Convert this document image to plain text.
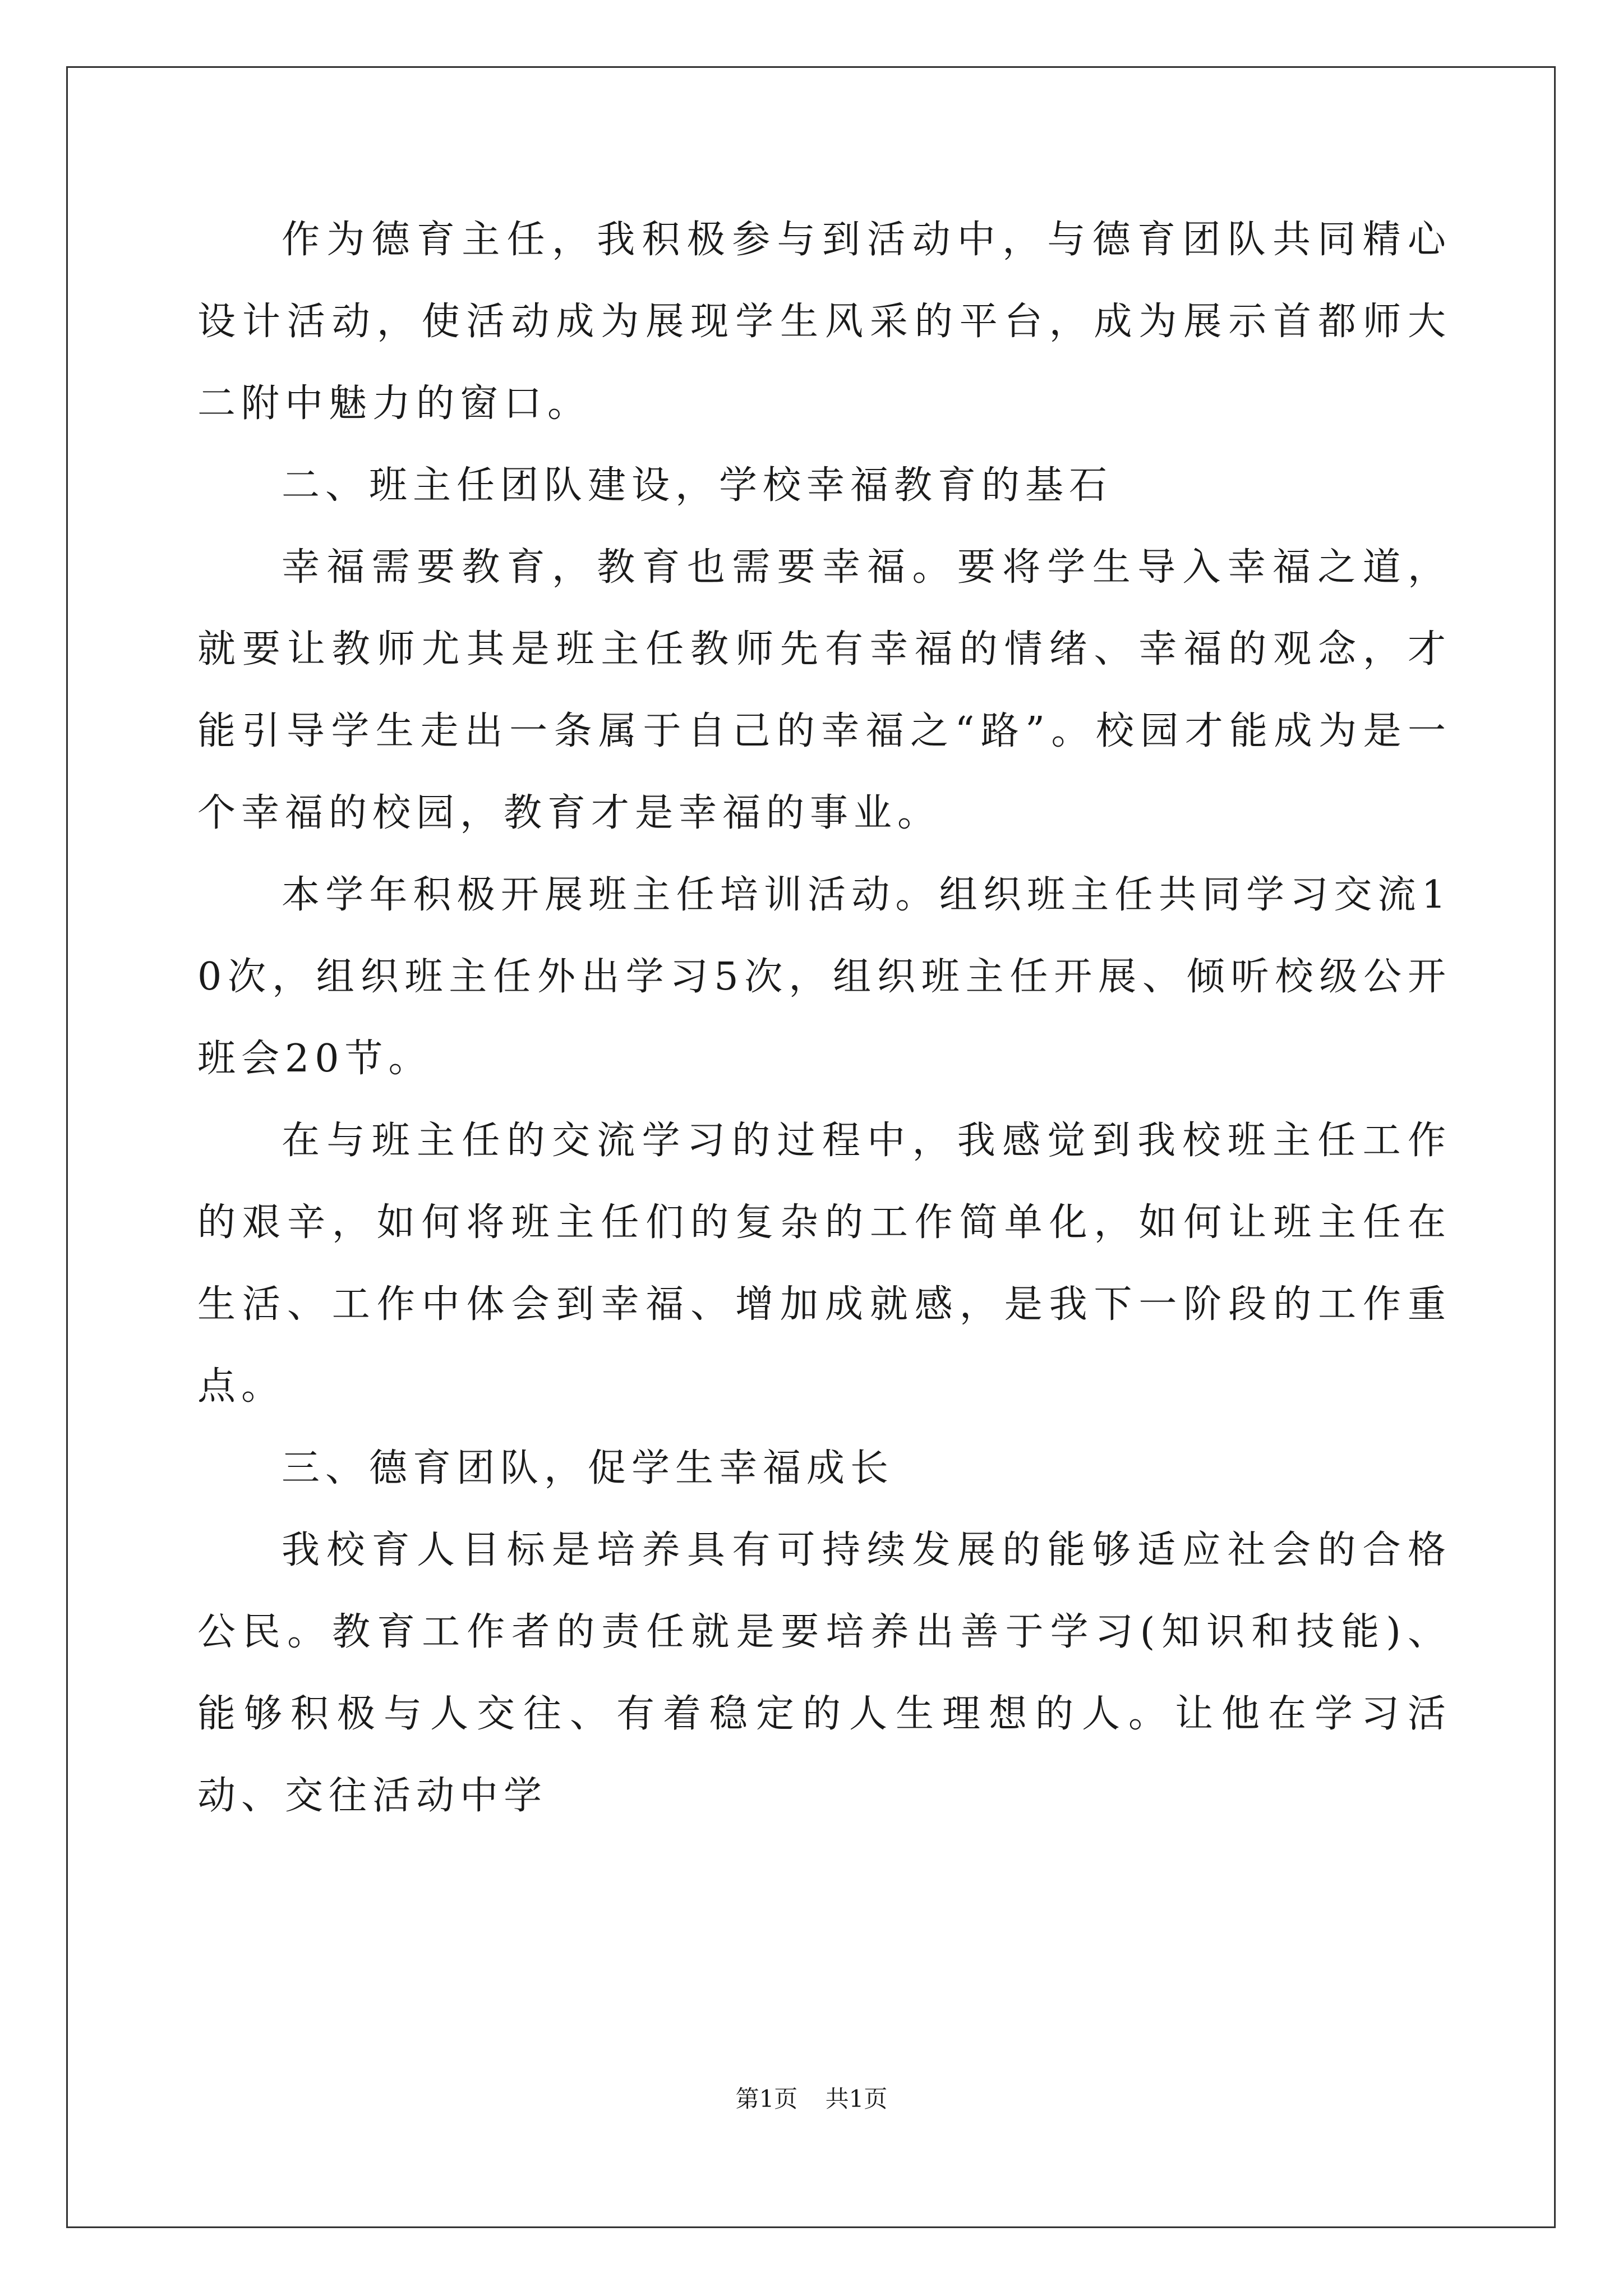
作为德育主任，我积极参与到活动中，与德育团队共同精心设计活动，使活动成为展现学生风采的平台，成为展示首都师大二附中魅力的窗口。

二、班主任团队建设，学校幸福教育的基石

幸福需要教育，教育也需要幸福。要将学生导入幸福之道，就要让教师尤其是班主任教师先有幸福的情绪、幸福的观念，才能引导学生走出一条属于自己的幸福之“路”。校园才能成为是一个幸福的校园，教育才是幸福的事业。

本学年积极开展班主任培训活动。组织班主任共同学习交流10次，组织班主任外出学习5次，组织班主任开展、倾听校级公开班会20节。

在与班主任的交流学习的过程中，我感觉到我校班主任工作的艰辛，如何将班主任们的复杂的工作简单化，如何让班主任在生活、工作中体会到幸福、增加成就感，是我下一阶段的工作重点。

三、德育团队，促学生幸福成长

我校育人目标是培养具有可持续发展的能够适应社会的合格公民。教育工作者的责任就是要培养出善于学习(知识和技能)、能够积极与人交往、有着稳定的人生理想的人。让他在学习活动、交往活动中学

第1页 共1页
